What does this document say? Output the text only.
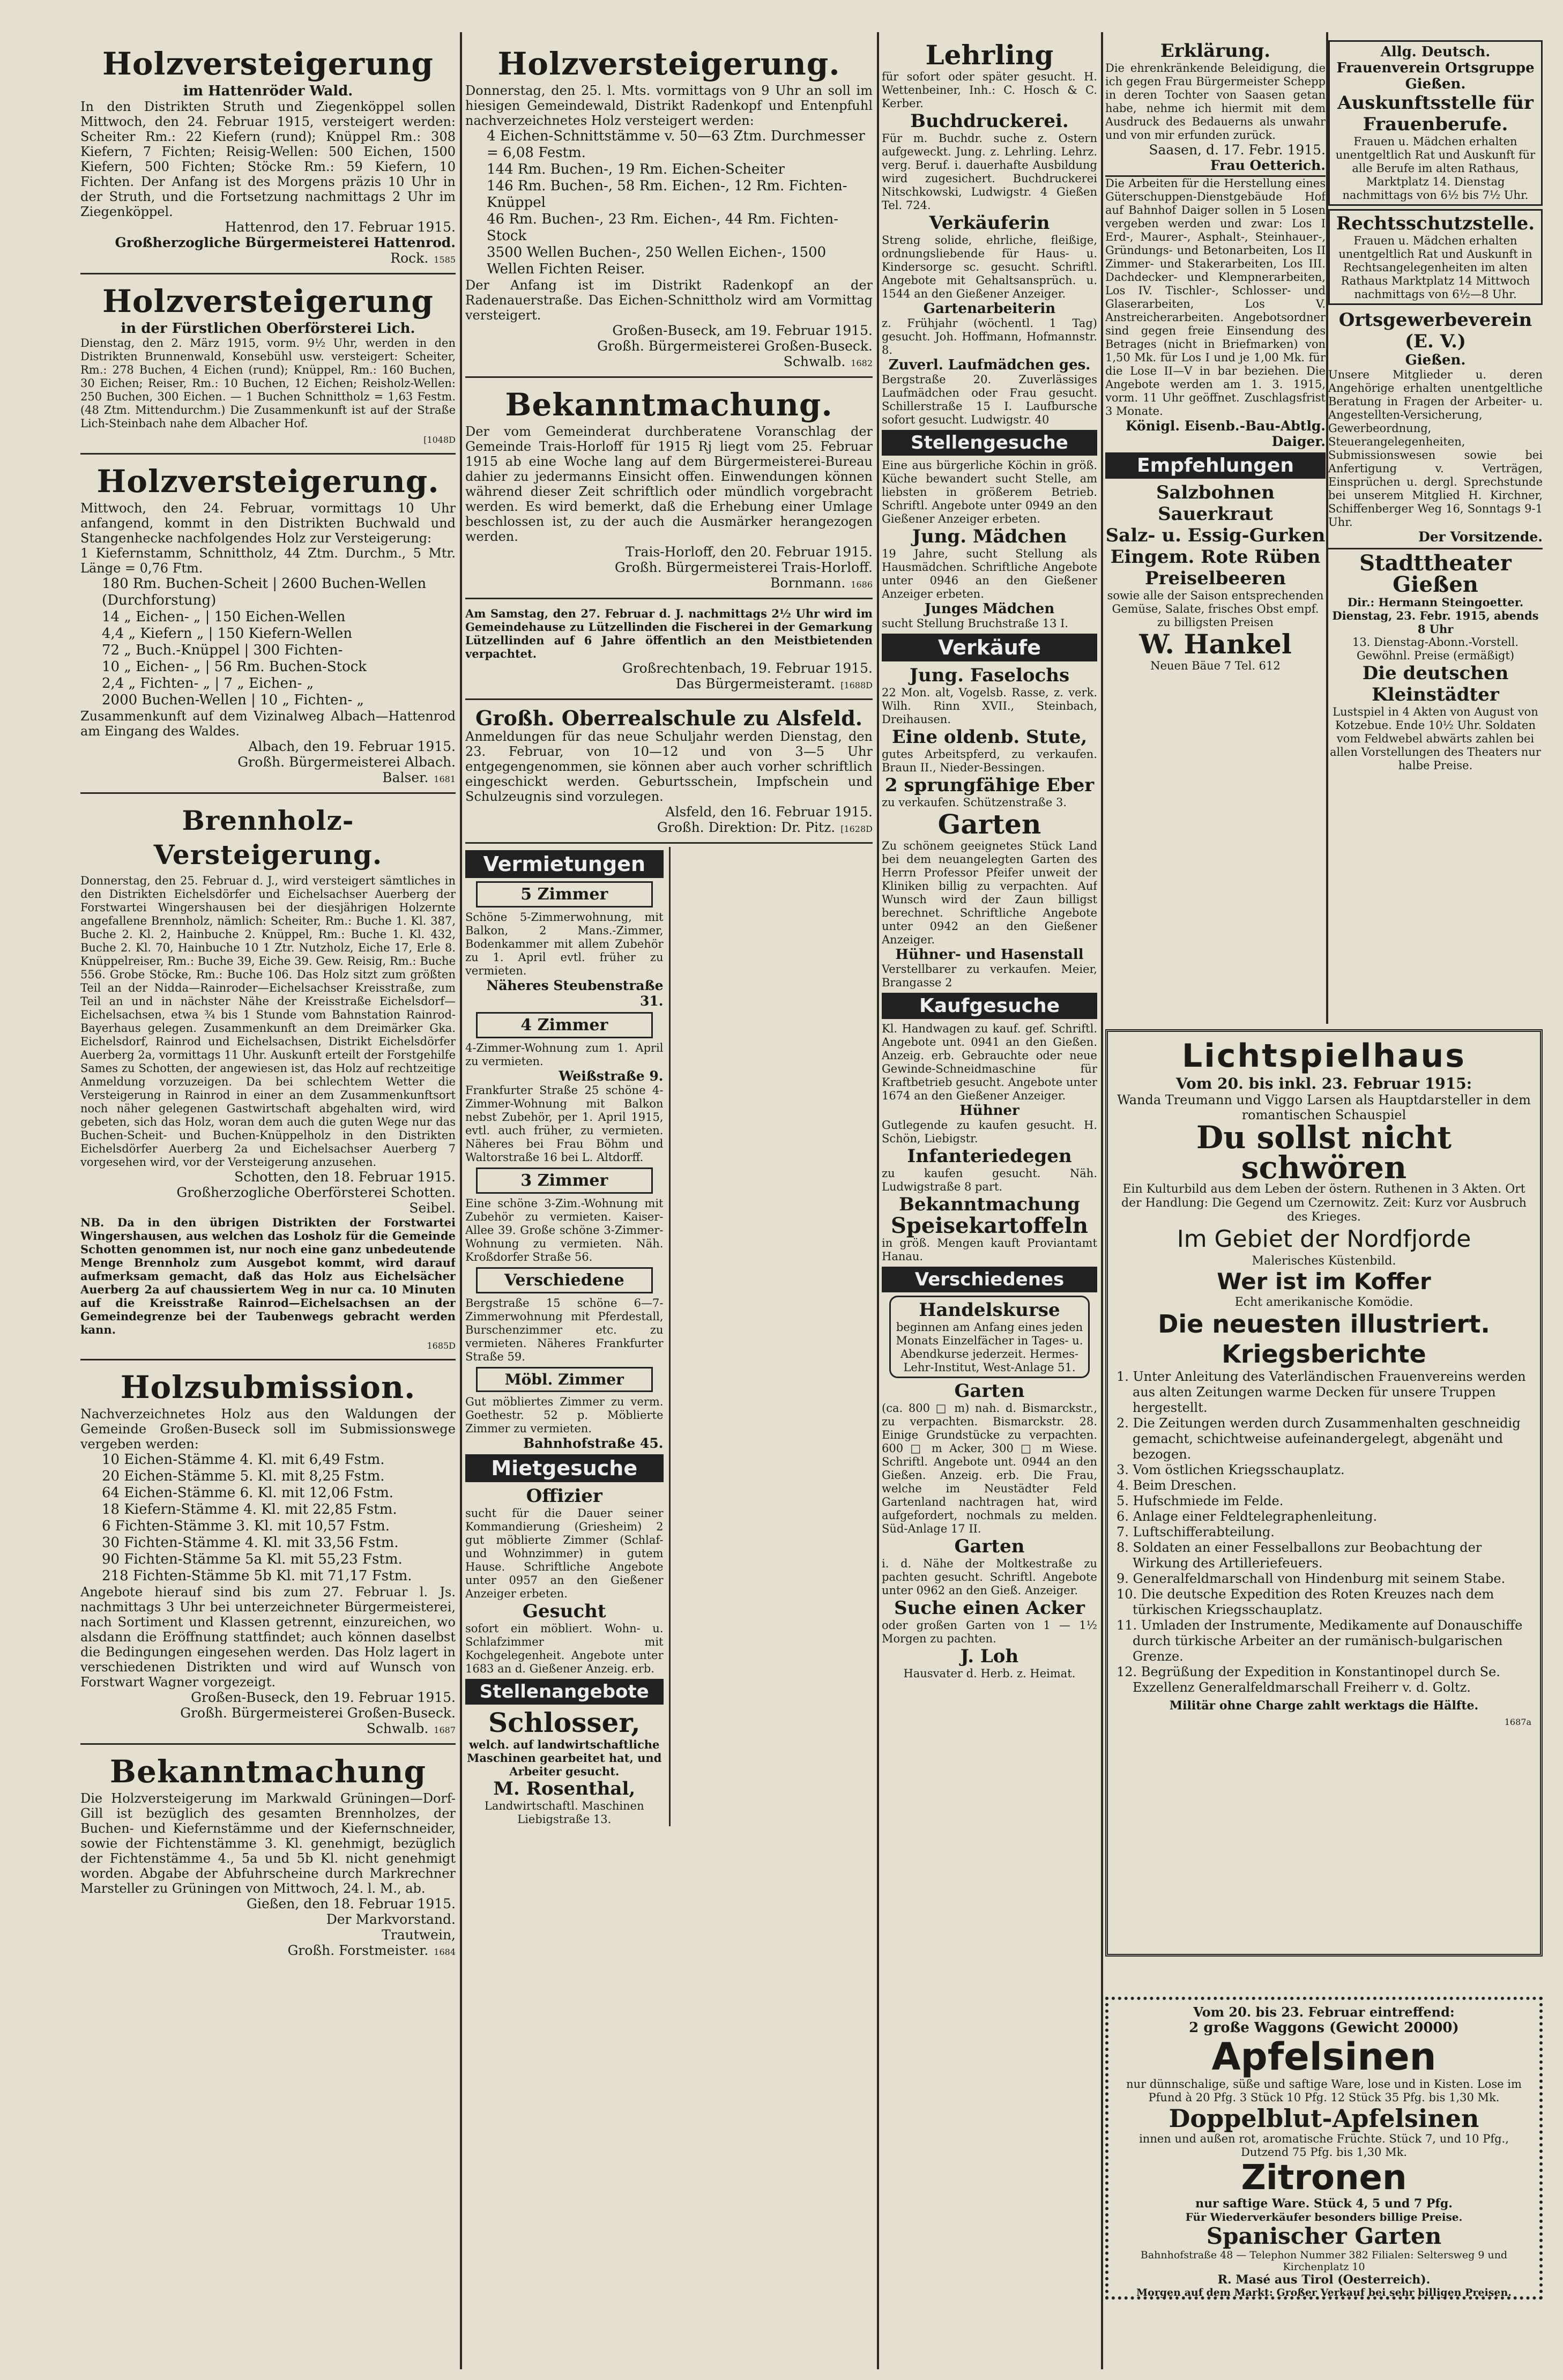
Holzversteigerung
im Hattenröder Wald.

In den Distrikten Struth und Ziegenköppel sollen Mittwoch, den 24. Februar 1915, versteigert werden: Scheiter Rm.: 22 Kiefern (rund); Knüppel Rm.: 308 Kiefern, 7 Fichten; Reisig-Wellen: 500 Eichen, 1500 Kiefern, 500 Fichten; Stöcke Rm.: 59 Kiefern, 10 Fichten. Der Anfang ist des Morgens präzis 10 Uhr in der Struth, und die Fortsetzung nachmittags 2 Uhr im Ziegenköppel.

Hattenrod, den 17. Februar 1915.
Großherzogliche Bürgermeisterei Hattenrod.
Rock. 1585
Holzversteigerung
in der Fürstlichen Oberförsterei Lich.

Dienstag, den 2. März 1915, vorm. 9½ Uhr, werden in den Distrikten Brunnenwald, Konsebühl usw. versteigert: Scheiter, Rm.: 278 Buchen, 4 Eichen (rund); Knüppel, Rm.: 160 Buchen, 30 Eichen; Reiser, Rm.: 10 Buchen, 12 Eichen; Reisholz-Wellen: 250 Buchen, 300 Eichen. — 1 Buchen Schnittholz = 1,63 Festm. (48 Ztm. Mittendurchm.) Die Zusammenkunft ist auf der Straße Lich-Steinbach nahe dem Albacher Hof.

[1048D
Holzversteigerung.

Mittwoch, den 24. Februar, vormittags 10 Uhr anfangend, kommt in den Distrikten Buchwald und Stangenhecke nachfolgendes Holz zur Versteigerung:

1 Kiefernstamm, Schnittholz, 44 Ztm. Durchm., 5 Mtr. Länge = 0,76 Ftm.

180 Rm. Buchen-Scheit | 2600 Buchen-Wellen (Durchforstung)
14 „ Eichen- „ | 150 Eichen-Wellen
4,4 „ Kiefern „ | 150 Kiefern-Wellen
72 „ Buch.-Knüppel | 300 Fichten-
10 „ Eichen- „ | 56 Rm. Buchen-Stock
2,4 „ Fichten- „ | 7 „ Eichen- „
2000 Buchen-Wellen | 10 „ Fichten- „

Zusammenkunft auf dem Vizinalweg Albach—Hattenrod am Eingang des Waldes.

Albach, den 19. Februar 1915.
Großh. Bürgermeisterei Albach.
Balser. 1681
Brennholz-Versteigerung.

Donnerstag, den 25. Februar d. J., wird versteigert sämtliches in den Distrikten Eichelsdörfer und Eichelsachser Auerberg der Forstwartei Wingershausen bei der diesjährigen Holzernte angefallene Brennholz, nämlich: Scheiter, Rm.: Buche 1. Kl. 387, Buche 2. Kl. 2, Hainbuche 2. Knüppel, Rm.: Buche 1. Kl. 432, Buche 2. Kl. 70, Hainbuche 10 1 Ztr. Nutzholz, Eiche 17, Erle 8. Knüppelreiser, Rm.: Buche 39, Eiche 39. Gew. Reisig, Rm.: Buche 556. Grobe Stöcke, Rm.: Buche 106. Das Holz sitzt zum größten Teil an der Nidda—Rainroder—Eichelsachser Kreisstraße, zum Teil an und in nächster Nähe der Kreisstraße Eichelsdorf—Eichelsachsen, etwa ¾ bis 1 Stunde vom Bahnstation Rainrod-Bayerhaus gelegen. Zusammenkunft an dem Dreimärker Gka. Eichelsdorf, Rainrod und Eichelsachsen, Distrikt Eichelsdörfer Auerberg 2a, vormittags 11 Uhr. Auskunft erteilt der Forstgehilfe Sames zu Schotten, der angewiesen ist, das Holz auf rechtzeitige Anmeldung vorzuzeigen. Da bei schlechtem Wetter die Versteigerung in Rainrod in einer an dem Zusammenkunftsort noch näher gelegenen Gastwirtschaft abgehalten wird, wird gebeten, sich das Holz, woran dem auch die guten Wege nur das Buchen-Scheit- und Buchen-Knüppelholz in den Distrikten Eichelsdörfer Auerberg 2a und Eichelsachser Auerberg 7 vorgesehen wird, vor der Versteigerung anzusehen.

Schotten, den 18. Februar 1915.
Großherzogliche Oberförsterei Schotten.
Seibel.

NB. Da in den übrigen Distrikten der Forstwartei Wingershausen, aus welchen das Losholz für die Gemeinde Schotten genommen ist, nur noch eine ganz unbedeutende Menge Brennholz zum Ausgebot kommt, wird darauf aufmerksam gemacht, daß das Holz aus Eichelsächer Auerberg 2a auf chaussiertem Weg in nur ca. 10 Minuten auf die Kreisstraße Rainrod—Eichelsachsen an der Gemeindegrenze bei der Taubenwegs gebracht werden kann.

1685D
Holzsubmission.

Nachverzeichnetes Holz aus den Waldungen der Gemeinde Großen-Buseck soll im Submissionswege vergeben werden:

10 Eichen-Stämme 4. Kl. mit 6,49 Fstm.
20 Eichen-Stämme 5. Kl. mit 8,25 Fstm.
64 Eichen-Stämme 6. Kl. mit 12,06 Fstm.
18 Kiefern-Stämme 4. Kl. mit 22,85 Fstm.
6 Fichten-Stämme 3. Kl. mit 10,57 Fstm.
30 Fichten-Stämme 4. Kl. mit 33,56 Fstm.
90 Fichten-Stämme 5a Kl. mit 55,23 Fstm.
218 Fichten-Stämme 5b Kl. mit 71,17 Fstm.

Angebote hierauf sind bis zum 27. Februar l. Js. nachmittags 3 Uhr bei unterzeichneter Bürgermeisterei, nach Sortiment und Klassen getrennt, einzureichen, wo alsdann die Eröffnung stattfindet; auch können daselbst die Bedingungen eingesehen werden. Das Holz lagert in verschiedenen Distrikten und wird auf Wunsch von Forstwart Wagner vorgezeigt.

Großen-Buseck, den 19. Februar 1915.
Großh. Bürgermeisterei Großen-Buseck.
Schwalb. 1687
Bekanntmachung

Die Holzversteigerung im Markwald Grüningen—Dorf-Gill ist bezüglich des gesamten Brennholzes, der Buchen- und Kiefernstämme und der Kiefernschneider, sowie der Fichtenstämme 3. Kl. genehmigt, bezüglich der Fichtenstämme 4., 5a und 5b Kl. nicht genehmigt worden. Abgabe der Abfuhrscheine durch Markrechner Marsteller zu Grüningen von Mittwoch, 24. l. M., ab.

Gießen, den 18. Februar 1915.
Der Markvorstand.
Trautwein,
Großh. Forstmeister. 1684
Holzversteigerung.

Donnerstag, den 25. l. Mts. vormittags von 9 Uhr an soll im hiesigen Gemeindewald, Distrikt Radenkopf und Entenpfuhl nachverzeichnetes Holz versteigert werden:

4 Eichen-Schnittstämme v. 50—63 Ztm. Durchmesser = 6,08 Festm.
144 Rm. Buchen-, 19 Rm. Eichen-Scheiter
146 Rm. Buchen-, 58 Rm. Eichen-, 12 Rm. Fichten-Knüppel
46 Rm. Buchen-, 23 Rm. Eichen-, 44 Rm. Fichten-Stock
3500 Wellen Buchen-, 250 Wellen Eichen-, 1500 Wellen Fichten Reiser.

Der Anfang ist im Distrikt Radenkopf an der Radenauerstraße. Das Eichen-Schnittholz wird am Vormittag versteigert.

Großen-Buseck, am 19. Februar 1915.
Großh. Bürgermeisterei Großen-Buseck.
Schwalb. 1682
Bekanntmachung.

Der vom Gemeinderat durchberatene Voranschlag der Gemeinde Trais-Horloff für 1915 Rj liegt vom 25. Februar 1915 ab eine Woche lang auf dem Bürgermeisterei-Bureau dahier zu jedermanns Einsicht offen. Einwendungen können während dieser Zeit schriftlich oder mündlich vorgebracht werden. Es wird bemerkt, daß die Erhebung einer Umlage beschlossen ist, zu der auch die Ausmärker herangezogen werden.

Trais-Horloff, den 20. Februar 1915.
Großh. Bürgermeisterei Trais-Horloff.
Bornmann. 1686

Am Samstag, den 27. Februar d. J. nachmittags 2½ Uhr wird im Gemeindehause zu Lützellinden die Fischerei in der Gemarkung Lützellinden auf 6 Jahre öffentlich an den Meistbietenden verpachtet.

Großrechtenbach, 19. Februar 1915.
Das Bürgermeisteramt. [1688D
Großh. Oberrealschule zu Alsfeld.

Anmeldungen für das neue Schuljahr werden Dienstag, den 23. Februar, von 10—12 und von 3—5 Uhr entgegengenommen, sie können aber auch vorher schriftlich eingeschickt werden. Geburtsschein, Impfschein und Schulzeugnis sind vorzulegen.

Alsfeld, den 16. Februar 1915.
Großh. Direktion: Dr. Pitz. [1628D
Vermietungen
5 Zimmer

Schöne 5-Zimmerwohnung, mit Balkon, 2 Mans.-Zimmer, Bodenkammer mit allem Zubehör zu 1. April evtl. früher zu vermieten.

Näheres Steubenstraße 31.
4 Zimmer

4-Zimmer-Wohnung zum 1. April zu vermieten.

Weißstraße 9.

Frankfurter Straße 25 schöne 4-Zimmer-Wohnung mit Balkon nebst Zubehör, per 1. April 1915, evtl. auch früher, zu vermieten. Näheres bei Frau Böhm und Waltorstraße 16 bei L. Altdorff.

3 Zimmer

Eine schöne 3-Zim.-Wohnung mit Zubehör zu vermieten. Kaiser-Allee 39. Große schöne 3-Zimmer-Wohnung zu vermieten. Näh. Kroßdorfer Straße 56.

Verschiedene

Bergstraße 15 schöne 6—7-Zimmerwohnung mit Pferdestall, Burschenzimmer etc. zu vermieten. Näheres Frankfurter Straße 59.

Möbl. Zimmer

Gut möbliertes Zimmer zu verm. Goethestr. 52 p. Möblierte Zimmer zu vermieten.

Bahnhofstraße 45.
Mietgesuche
Offizier

sucht für die Dauer seiner Kommandierung (Griesheim) 2 gut möblierte Zimmer (Schlaf- und Wohnzimmer) in gutem Hause. Schriftliche Angebote unter 0957 an den Gießener Anzeiger erbeten.

Gesucht

sofort ein möbliert. Wohn- u. Schlafzimmer mit Kochgelegenheit. Angebote unter 1683 an d. Gießener Anzeig. erb.

Stellenangebote
Schlosser,

welch. auf landwirtschaftliche Maschinen gearbeitet hat, und Arbeiter gesucht.

M. Rosenthal,
Landwirtschaftl. Maschinen Liebigstraße 13.
Lehrling

für sofort oder später gesucht. H. Wettenbeiner, Inh.: C. Hosch & C. Kerber.

Buchdruckerei.

Für m. Buchdr. suche z. Ostern aufgeweckt. Jung. z. Lehrling. Lehrz. verg. Beruf. i. dauerhafte Ausbildung wird zugesichert. Buchdruckerei Nitschkowski, Ludwigstr. 4 Gießen Tel. 724.

Verkäuferin

Streng solide, ehrliche, fleißige, ordnungsliebende für Haus- u. Kindersorge sc. gesucht. Schriftl. Angebote mit Gehaltsansprüch. u. 1544 an den Gießener Anzeiger.

Gartenarbeiterin

z. Frühjahr (wöchentl. 1 Tag) gesucht. Joh. Hoffmann, Hofmannstr. 8.

Zuverl. Laufmädchen ges.

Bergstraße 20. Zuverlässiges Laufmädchen oder Frau gesucht. Schillerstraße 15 I. Laufbursche sofort gesucht. Ludwigstr. 40

Stellengesuche

Eine aus bürgerliche Köchin in größ. Küche bewandert sucht Stelle, am liebsten in größerem Betrieb. Schriftl. Angebote unter 0949 an den Gießener Anzeiger erbeten.

Jung. Mädchen

19 Jahre, sucht Stellung als Hausmädchen. Schriftliche Angebote unter 0946 an den Gießener Anzeiger erbeten.

Junges Mädchen

sucht Stellung Bruchstraße 13 I.

Verkäufe
Jung. Faselochs

22 Mon. alt, Vogelsb. Rasse, z. verk. Wilh. Rinn XVII., Steinbach, Dreihausen.

Eine oldenb. Stute,

gutes Arbeitspferd, zu verkaufen. Braun II., Nieder-Bessingen.

2 sprungfähige Eber

zu verkaufen. Schützenstraße 3.

Garten

Zu schönem geeignetes Stück Land bei dem neuangelegten Garten des Herrn Professor Pfeifer unweit der Kliniken billig zu verpachten. Auf Wunsch wird der Zaun billigst berechnet. Schriftliche Angebote unter 0942 an den Gießener Anzeiger.

Hühner- und Hasenstall

Verstellbarer zu verkaufen. Meier, Brangasse 2

Kaufgesuche

Kl. Handwagen zu kauf. gef. Schriftl. Angebote unt. 0941 an den Gießen. Anzeig. erb. Gebrauchte oder neue Gewinde-Schneidmaschine für Kraftbetrieb gesucht. Angebote unter 1674 an den Gießener Anzeiger.

Hühner

Gutlegende zu kaufen gesucht. H. Schön, Liebigstr.

Infanteriedegen

zu kaufen gesucht. Näh. Ludwigstraße 8 part.

Bekanntmachung
Speisekartoffeln

in größ. Mengen kauft Proviantamt Hanau.

Verschiedenes
Handelskurse

beginnen am Anfang eines jeden Monats Einzelfächer in Tages- u. Abendkurse jederzeit. Hermes-Lehr-Institut, West-Anlage 51.

Garten

(ca. 800 □ m) nah. d. Bismarckstr., zu verpachten. Bismarckstr. 28. Einige Grundstücke zu verpachten. 600 □ m Acker, 300 □ m Wiese. Schriftl. Angebote unt. 0944 an den Gießen. Anzeig. erb. Die Frau, welche im Neustädter Feld Gartenland nachtragen hat, wird aufgefordert, nochmals zu melden. Süd-Anlage 17 II.

Garten

i. d. Nähe der Moltkestraße zu pachten gesucht. Schriftl. Angebote unter 0962 an den Gieß. Anzeiger.

Suche einen Acker

oder großen Garten von 1 — 1½ Morgen zu pachten.

J. Loh
Hausvater d. Herb. z. Heimat.
Erklärung.

Die ehrenkränkende Beleidigung, die ich gegen Frau Bürgermeister Schepp in deren Tochter von Saasen getan habe, nehme ich hiermit mit dem Ausdruck des Bedauerns als unwahr und von mir erfunden zurück.

Saasen, d. 17. Febr. 1915.
Frau Oetterich.

Die Arbeiten für die Herstellung eines Güterschuppen-Dienstgebäude Hof auf Bahnhof Daiger sollen in 5 Losen vergeben werden und zwar: Los I Erd-, Maurer-, Asphalt-, Steinhauer-, Gründungs- und Betonarbeiten, Los II Zimmer- und Stakerarbeiten, Los III. Dachdecker- und Klempnerarbeiten, Los IV. Tischler-, Schlosser- und Glaserarbeiten, Los V. Anstreicherarbeiten. Angebotsordner sind gegen freie Einsendung des Betrages (nicht in Briefmarken) von 1,50 Mk. für Los I und je 1,00 Mk. für die Lose II—V in bar beziehen. Die Angebote werden am 1. 3. 1915, vorm. 11 Uhr geöffnet. Zuschlagsfrist 3 Monate.

Königl. Eisenb.-Bau-Abtlg. Daiger.
Empfehlungen
Salzbohnen
Sauerkraut
Salz- u. Essig-Gurken
Eingem. Rote Rüben
Preiselbeeren

sowie alle der Saison entsprechenden Gemüse, Salate, frisches Obst empf. zu billigsten Preisen

W. Hankel
Neuen Bäue 7 Tel. 612
Allg. Deutsch. Frauenverein Ortsgruppe Gießen.
Auskunftsstelle für Frauenberufe.

Frauen u. Mädchen erhalten unentgeltlich Rat und Auskunft für alle Berufe im alten Rathaus, Marktplatz 14. Dienstag nachmittags von 6½ bis 7½ Uhr.

Rechtsschutzstelle.

Frauen u. Mädchen erhalten unentgeltlich Rat und Auskunft in Rechtsangelegenheiten im alten Rathaus Marktplatz 14 Mittwoch nachmittags von 6½—8 Uhr.

Ortsgewerbeverein (E. V.)
Gießen.

Unsere Mitglieder u. deren Angehörige erhalten unentgeltliche Beratung in Fragen der Arbeiter- u. Angestellten-Versicherung, Gewerbeordnung, Steuerangelegenheiten, Submissionswesen sowie bei Anfertigung v. Verträgen, Einsprüchen u. dergl. Sprechstunde bei unserem Mitglied H. Kirchner, Schiffenberger Weg 16, Sonntags 9-1 Uhr.

Der Vorsitzende.
Stadttheater Gießen
Dir.: Hermann Steingoetter.
Dienstag, 23. Febr. 1915, abends 8 Uhr
13. Dienstag-Abonn.-Vorstell. Gewöhnl. Preise (ermäßigt)
Die deutschen Kleinstädter

Lustspiel in 4 Akten von August von Kotzebue. Ende 10½ Uhr. Soldaten vom Feldwebel abwärts zahlen bei allen Vorstellungen des Theaters nur halbe Preise.

Lichtspielhaus
Vom 20. bis inkl. 23. Februar 1915:
Wanda Treumann und Viggo Larsen als Hauptdarsteller in dem romantischen Schauspiel
Du sollst nicht schwören
Ein Kulturbild aus dem Leben der östern. Ruthenen in 3 Akten. Ort der Handlung: Die Gegend um Czernowitz. Zeit: Kurz vor Ausbruch des Krieges.
Im Gebiet der Nordfjorde
Malerisches Küstenbild.
Wer ist im Koffer
Echt amerikanische Komödie.
Die neuesten illustriert. Kriegsberichte
1. Unter Anleitung des Vaterländischen Frauenvereins werden aus alten Zeitungen warme Decken für unsere Truppen hergestellt.
2. Die Zeitungen werden durch Zusammenhalten geschneidig gemacht, schichtweise aufeinandergelegt, abgenäht und bezogen.
3. Vom östlichen Kriegsschauplatz.
4. Beim Dreschen.
5. Hufschmiede im Felde.
6. Anlage einer Feldtelegraphenleitung.
7. Luftschifferabteilung.
8. Soldaten an einer Fesselballons zur Beobachtung der Wirkung des Artilleriefeuers.
9. Generalfeldmarschall von Hindenburg mit seinem Stabe.
10. Die deutsche Expedition des Roten Kreuzes nach dem türkischen Kriegsschauplatz.
11. Umladen der Instrumente, Medikamente auf Donauschiffe durch türkische Arbeiter an der rumänisch-bulgarischen Grenze.
12. Begrüßung der Expedition in Konstantinopel durch Se. Exzellenz Generalfeldmarschall Freiherr v. d. Goltz.
Militär ohne Charge zahlt werktags die Hälfte.
1687a
Vom 20. bis 23. Februar eintreffend:
2 große Waggons (Gewicht 20000)
Apfelsinen
nur dünnschalige, süße und saftige Ware, lose und in Kisten. Lose im Pfund à 20 Pfg. 3 Stück 10 Pfg. 12 Stück 35 Pfg. bis 1,30 Mk.
Doppelblut-Apfelsinen
innen und außen rot, aromatische Früchte. Stück 7, und 10 Pfg., Dutzend 75 Pfg. bis 1,30 Mk.
Zitronen
nur saftige Ware. Stück 4, 5 und 7 Pfg.
Für Wiederverkäufer besonders billige Preise.
Spanischer Garten
Bahnhofstraße 48 — Telephon Nummer 382 Filialen: Seltersweg 9 und Kirchenplatz 10
R. Masé aus Tirol (Oesterreich).
Morgen auf dem Markt: Großer Verkauf bei sehr billigen Preisen.
